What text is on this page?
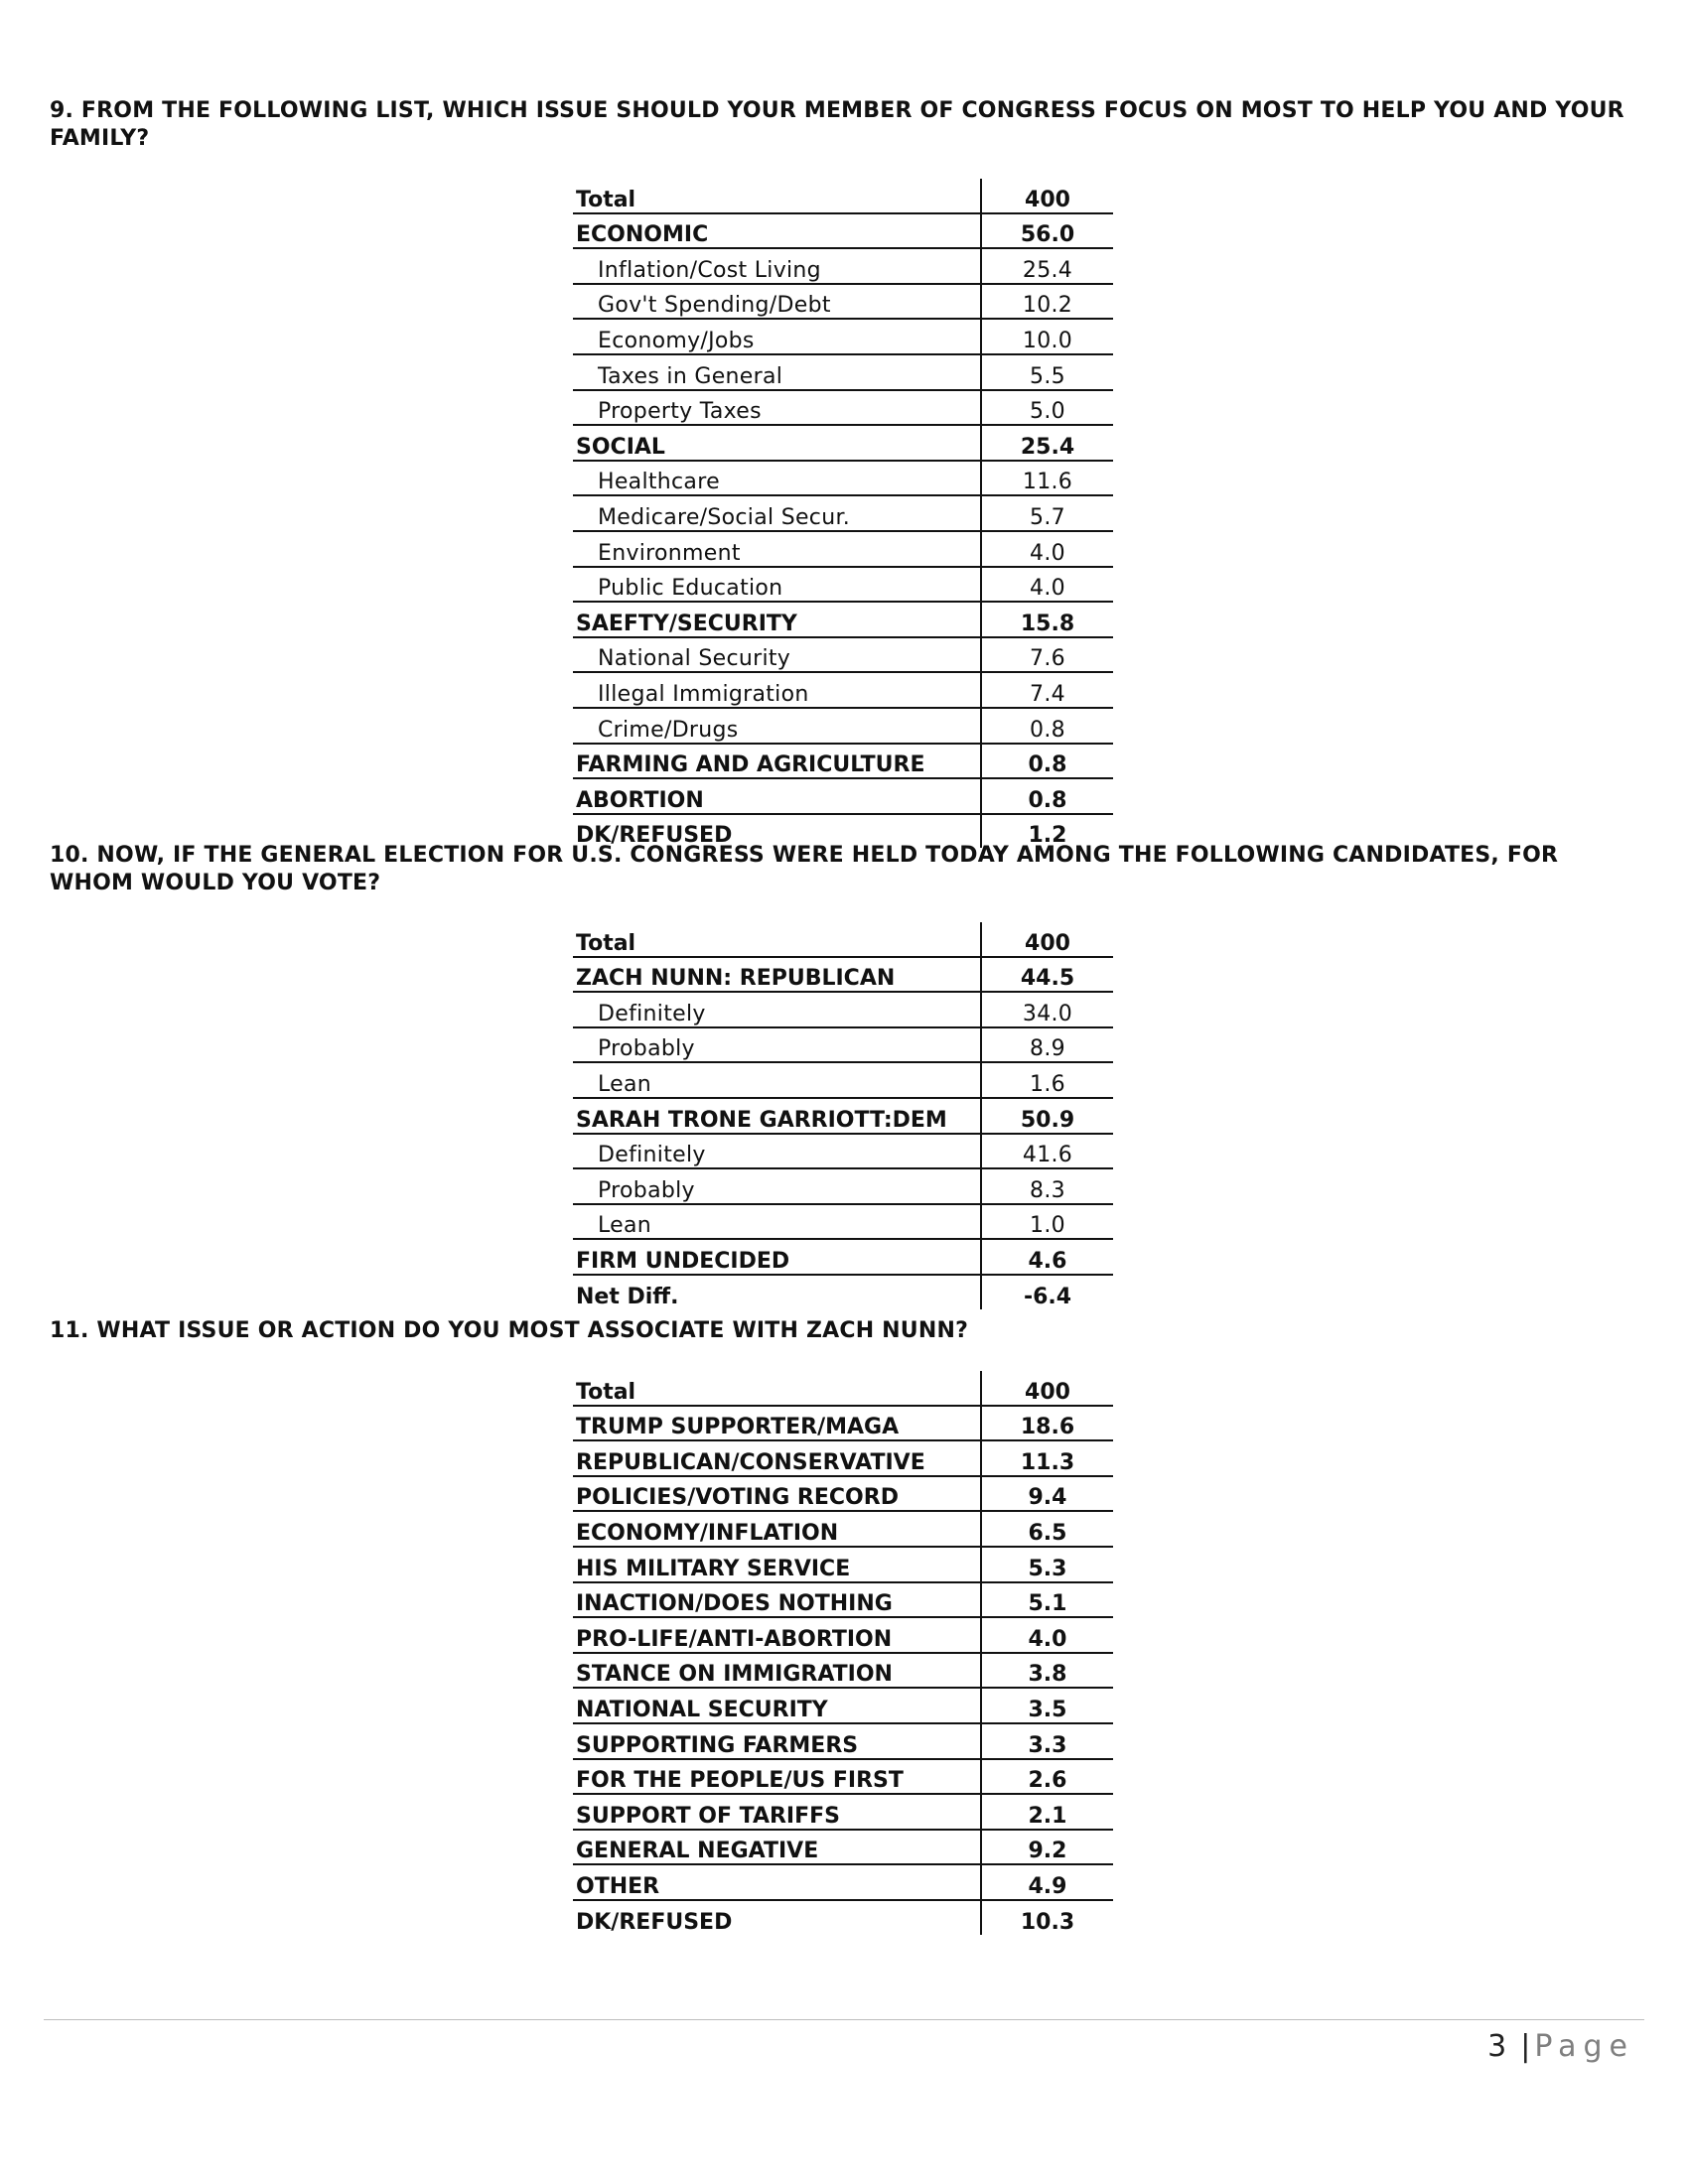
9. FROM THE FOLLOWING LIST, WHICH ISSUE SHOULD YOUR MEMBER OF CONGRESS FOCUS ON MOST TO HELP YOU AND YOUR FAMILY?
Total	400
ECONOMIC	56.0
Inflation/Cost Living	25.4
Gov't Spending/Debt	10.2
Economy/Jobs	10.0
Taxes in General	5.5
Property Taxes	5.0
SOCIAL	25.4
Healthcare	11.6
Medicare/Social Secur.	5.7
Environment	4.0
Public Education	4.0
SAEFTY/SECURITY	15.8
National Security	7.6
Illegal Immigration	7.4
Crime/Drugs	0.8
FARMING AND AGRICULTURE	0.8
ABORTION	0.8
DK/REFUSED	1.2
10. NOW, IF THE GENERAL ELECTION FOR U.S. CONGRESS WERE HELD TODAY AMONG THE FOLLOWING CANDIDATES, FOR WHOM WOULD YOU VOTE?
Total	400
ZACH NUNN: REPUBLICAN	44.5
Definitely	34.0
Probably	8.9
Lean	1.6
SARAH TRONE GARRIOTT:DEM	50.9
Definitely	41.6
Probably	8.3
Lean	1.0
FIRM UNDECIDED	4.6
Net Diff.	-6.4
11. WHAT ISSUE OR ACTION DO YOU MOST ASSOCIATE WITH ZACH NUNN?
Total	400
TRUMP SUPPORTER/MAGA	18.6
REPUBLICAN/CONSERVATIVE	11.3
POLICIES/VOTING RECORD	9.4
ECONOMY/INFLATION	6.5
HIS MILITARY SERVICE	5.3
INACTION/DOES NOTHING	5.1
PRO-LIFE/ANTI-ABORTION	4.0
STANCE ON IMMIGRATION	3.8
NATIONAL SECURITY	3.5
SUPPORTING FARMERS	3.3
FOR THE PEOPLE/US FIRST	2.6
SUPPORT OF TARIFFS	2.1
GENERAL NEGATIVE	9.2
OTHER	4.9
DK/REFUSED	10.3
3 | Page
